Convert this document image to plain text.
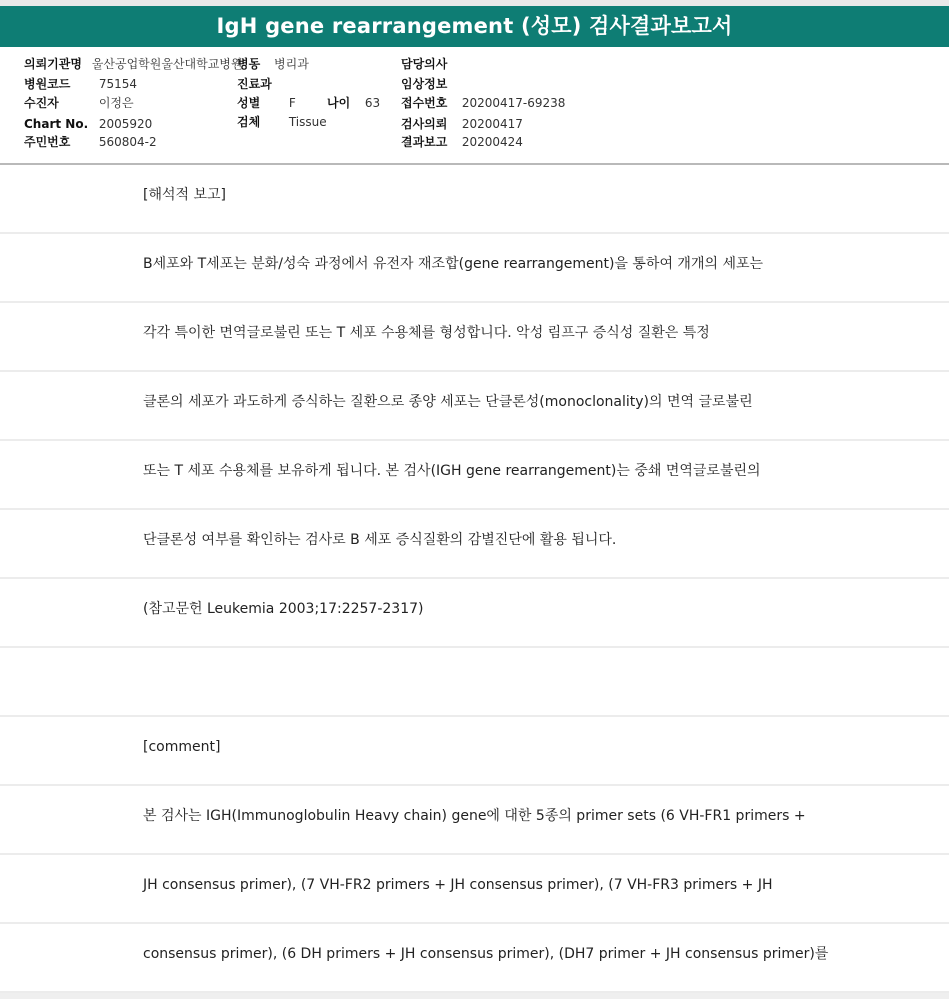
IgH gene rearrangement (성모) 검사결과보고서
의뢰기관명 울산공업학원울산대학교병원
병동 병리과	담당의사
병원코드 75154	진료과	임상정보
수진자	이정은	성별 F	나이 63 접수번호 20200417-69238
Chart No. 2005920	검체 Tissue	검사의뢰 20200417
주민번호 560804-2	결과보고 20200424
[해석적 보고]
B세포와 T세포는 분화/성숙 과정에서 유전자 재조합(gene rearrangement)을 통하여 개개의 세포는
각각 특이한 면역글로불린 또는 T 세포 수용체를 형성합니다. 악성 림프구 증식성 질환은 특정
클론의 세포가 과도하게 증식하는 질환으로 종양 세포는 단클론성(monoclonality)의 면역 글로불린
또는 T 세포 수용체를 보유하게 됩니다. 본 검사(IGH gene rearrangement)는 중쇄 면역글로불린의
단클론성 여부를 확인하는 검사로 B 세포 증식질환의 감별진단에 활용 됩니다.
(참고문헌 Leukemia 2003;17:2257-2317)
[comment]
본 검사는 IGH(Immunoglobulin Heavy chain) gene에 대한 5종의 primer sets (6 VH-FR1 primers +
JH consensus primer), (7 VH-FR2 primers + JH consensus primer), (7 VH-FR3 primers + JH
consensus primer), (6 DH primers + JH consensus primer), (DH7 primer + JH consensus primer)를
